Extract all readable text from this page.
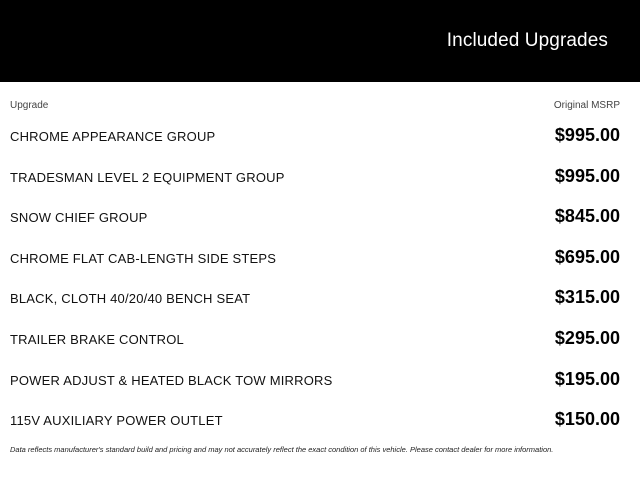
Included Upgrades
Upgrade	Original MSRP
CHROME APPEARANCE GROUP	$995.00
TRADESMAN LEVEL 2 EQUIPMENT GROUP	$995.00
SNOW CHIEF GROUP	$845.00
CHROME FLAT CAB-LENGTH SIDE STEPS	$695.00
BLACK, CLOTH 40/20/40 BENCH SEAT	$315.00
TRAILER BRAKE CONTROL	$295.00
POWER ADJUST & HEATED BLACK TOW MIRRORS	$195.00
115V AUXILIARY POWER OUTLET	$150.00
Data reflects manufacturer's standard build and pricing and may not accurately reflect the exact condition of this vehicle. Please contact dealer for more information.
